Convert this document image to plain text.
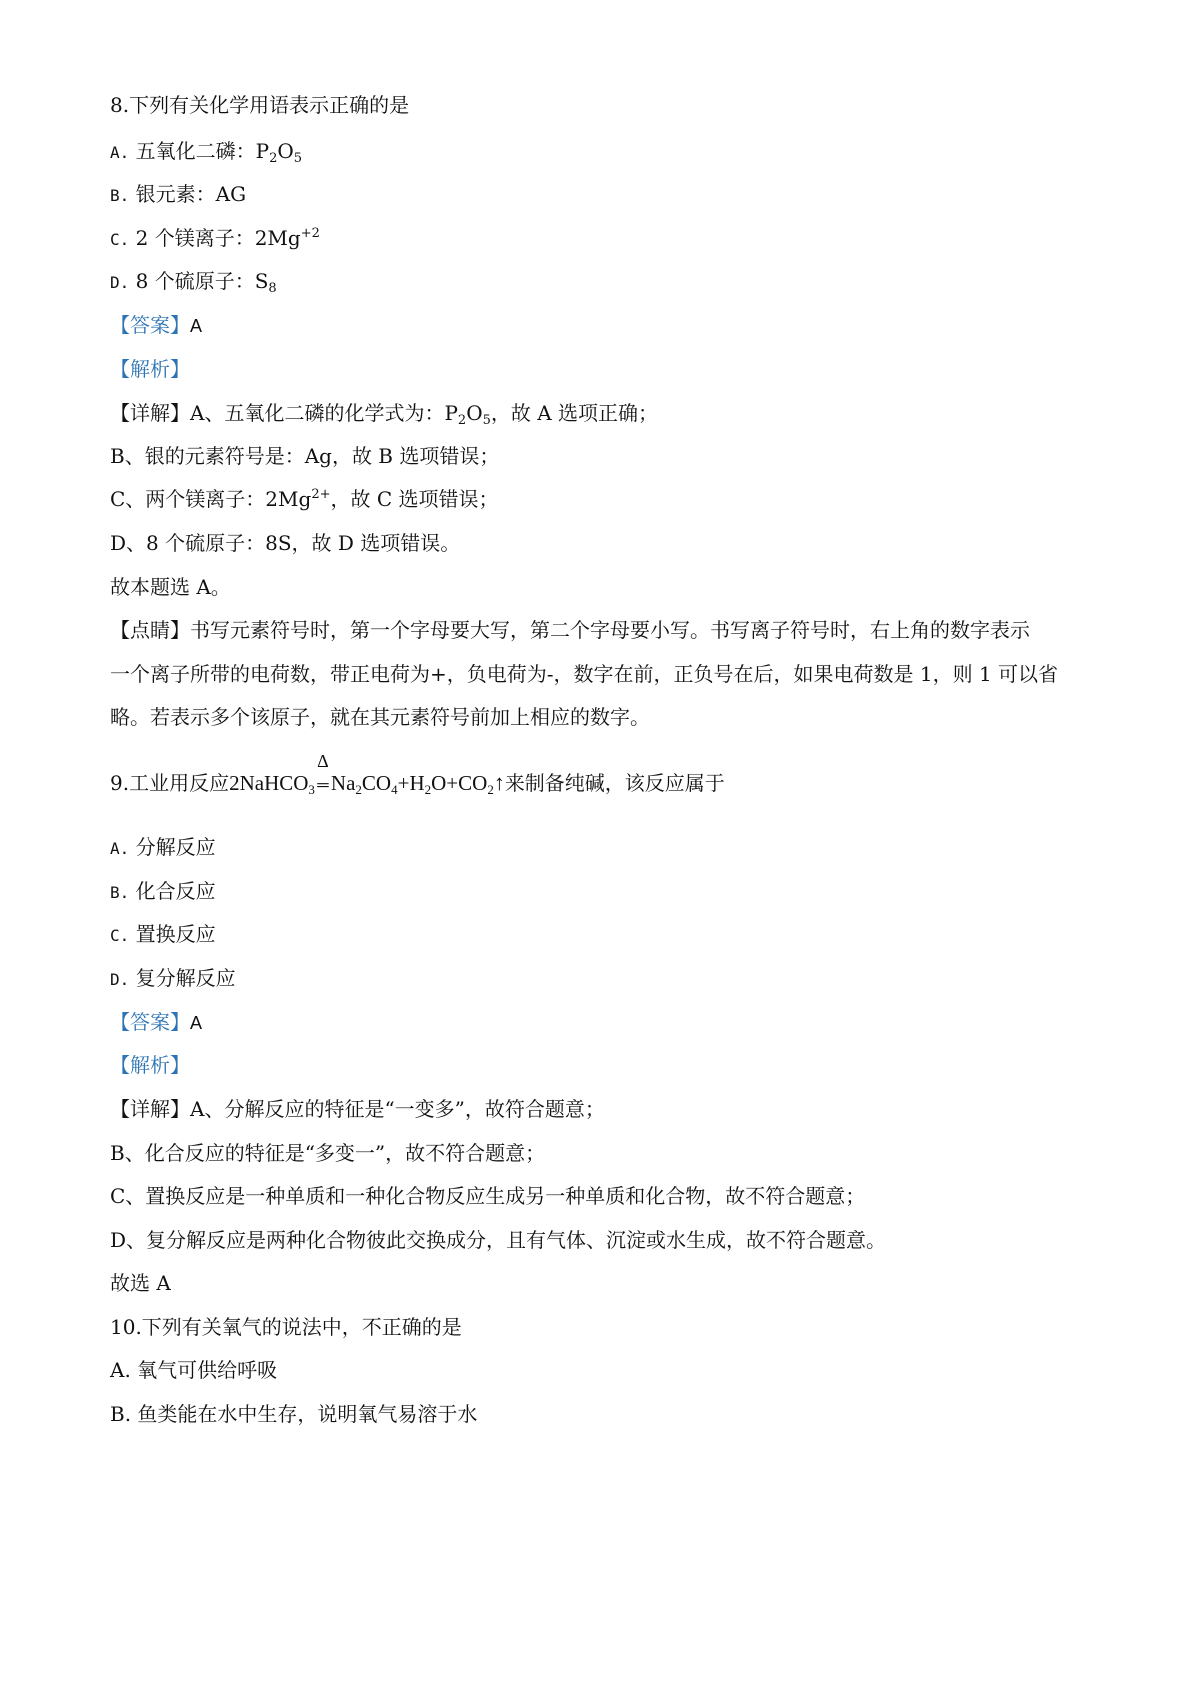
8.下列有关化学用语表示正确的是
A. 五氧化二磷：$P_2O_5$
B. 银元素：AG
C. 2 个镁离子：$2Mg^{+2}$
D. 8 个硫原子：$S_8$
【答案】A
【解析】
【详解】A、五氧化二磷的化学式为：$P_2O_5$，故 A 选项正确；
B、银的元素符号是：Ag，故 B 选项错误；
C、两个镁离子：$2Mg^{2+}$，故 C 选项错误；
D、8 个硫原子：8S，故 D 选项错误。
故本题选 A。
【点睛】书写元素符号时，第一个字母要大写，第二个字母要小写。书写离子符号时，右上角的数字表示
一个离子所带的电荷数，带正电荷为+，负电荷为-，数字在前，正负号在后，如果电荷数是 1，则 1 可以省
略。若表示多个该原子，就在其元素符号前加上相应的数字。
9.工业用反应2NaHCO$_3$
Δ
═ $Na_2CO_4+H_2O+CO_2↑$来制备纯碱，该反应属于
A. 分解反应
B. 化合反应
C. 置换反应
D. 复分解反应
【答案】A
【解析】
【详解】A、分解反应的特征是“一变多”，故符合题意；
B、化合反应的特征是“多变一”，故不符合题意；
C、置换反应是一种单质和一种化合物反应生成另一种单质和化合物，故不符合题意；
D、复分解反应是两种化合物彼此交换成分，且有气体、沉淀或水生成，故不符合题意。
故选 A
10.下列有关氧气的说法中，不正确的是
A. 氧气可供给呼吸
B. 鱼类能在水中生存，说明氧气易溶于水
